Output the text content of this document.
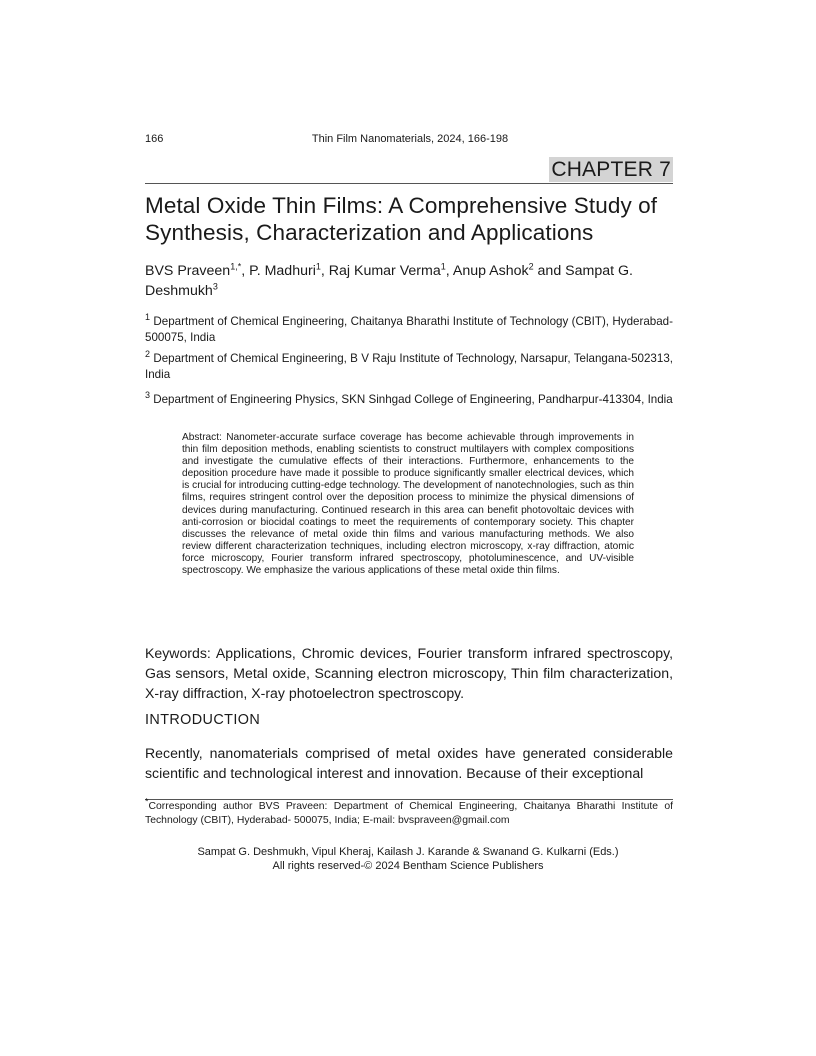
166	Thin Film Nanomaterials, 2024, 166-198
CHAPTER 7
Metal Oxide Thin Films: A Comprehensive Study of Synthesis, Characterization and Applications
BVS Praveen$^{1,*}$, P. Madhuri$^1$, Raj Kumar Verma$^1$, Anup Ashok$^2$ and Sampat G. Deshmukh$^3$
$^1$ Department of Chemical Engineering, Chaitanya Bharathi Institute of Technology (CBIT), Hyderabad-500075, India
$^2$ Department of Chemical Engineering, B V Raju Institute of Technology, Narsapur, Telangana-502313, India
$^3$ Department of Engineering Physics, SKN Sinhgad College of Engineering, Pandharpur-413304, India
Abstract: Nanometer-accurate surface coverage has become achievable through improvements in thin film deposition methods, enabling scientists to construct multilayers with complex compositions and investigate the cumulative effects of their interactions. Furthermore, enhancements to the deposition procedure have made it possible to produce significantly smaller electrical devices, which is crucial for introducing cutting-edge technology. The development of nanotechnologies, such as thin films, requires stringent control over the deposition process to minimize the physical dimensions of devices during manufacturing. Continued research in this area can benefit photovoltaic devices with anti-corrosion or biocidal coatings to meet the requirements of contemporary society. This chapter discusses the relevance of metal oxide thin films and various manufacturing methods. We also review different characterization techniques, including electron microscopy, x-ray diffraction, atomic force microscopy, Fourier transform infrared spectroscopy, photoluminescence, and UV-visible spectroscopy. We emphasize the various applications of these metal oxide thin films.
Keywords: Applications, Chromic devices, Fourier transform infrared spectroscopy, Gas sensors, Metal oxide, Scanning electron microscopy, Thin film characterization, X-ray diffraction, X-ray photoelectron spectroscopy.
INTRODUCTION
Recently, nanomaterials comprised of metal oxides have generated considerable scientific and technological interest and innovation. Because of their exceptional
*Corresponding author BVS Praveen: Department of Chemical Engineering, Chaitanya Bharathi Institute of Technology (CBIT), Hyderabad- 500075, India; E-mail: bvspraveen@gmail.com
Sampat G. Deshmukh, Vipul Kheraj, Kailash J. Karande & Swanand G. Kulkarni (Eds.)
All rights reserved-© 2024 Bentham Science Publishers
